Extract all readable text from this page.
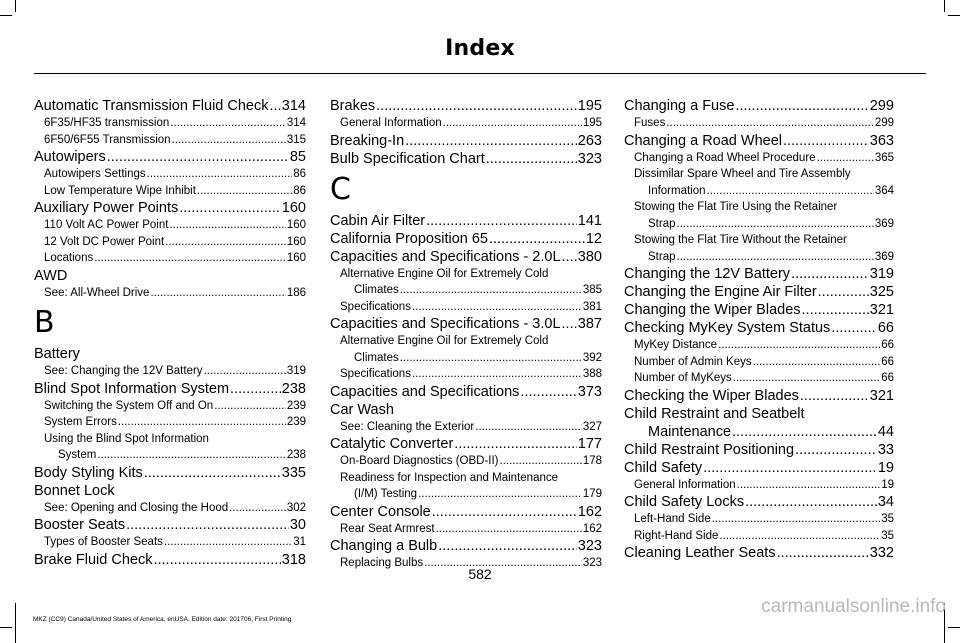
Index
Automatic Transmission Fluid Check ..... 314
6F35/HF35 transmission .....	314
6F50/6F55 Transmission .....	315
Autowipers .....	85
Autowipers Settings .....	86
Low Temperature Wipe Inhibit .....	86
Auxiliary Power Points .....	160
110 Volt AC Power Point .....	160
12 Volt DC Power Point .....	160
Locations .....	160
AWD
See: All-Wheel Drive .....	186
B
Battery
See: Changing the 12V Battery .....	319
Blind Spot Information System .....	238
Switching the System Off and On .....	239
System Errors .....	239
Using the Blind Spot Information
System .....	238
Body Styling Kits .....	335
Bonnet Lock
See: Opening and Closing the Hood .....	302
Booster Seats .....	30
Types of Booster Seats .....	31
Brake Fluid Check .....	318
Brakes .....	195
General Information .....	195
Breaking-In .....	263
Bulb Specification Chart .....	323
C
Cabin Air Filter .....	141
California Proposition 65 .....	12
Capacities and Specifications - 2.0L ..... 380
Alternative Engine Oil for Extremely Cold
Climates .....	385
Specifications .....	381
Capacities and Specifications - 3.0L ..... 387
Alternative Engine Oil for Extremely Cold
Climates .....	392
Specifications .....	388
Capacities and Specifications .....	373
Car Wash
See: Cleaning the Exterior .....	327
Catalytic Converter .....	177
On-Board Diagnostics (OBD-II) .....	178
Readiness for Inspection and Maintenance
(I/M) Testing .....	179
Center Console .....	162
Rear Seat Armrest .....	162
Changing a Bulb .....	323
Replacing Bulbs .....	323
Changing a Fuse .....	299
Fuses .....	299
Changing a Road Wheel .....	363
Changing a Road Wheel Procedure .....	365
Dissimilar Spare Wheel and Tire Assembly
Information .....	364
Stowing the Flat Tire Using the Retainer
Strap .....	369
Stowing the Flat Tire Without the Retainer
Strap .....	369
Changing the 12V Battery .....	319
Changing the Engine Air Filter .....	325
Changing the Wiper Blades .....	321
Checking MyKey System Status .....	66
MyKey Distance .....	66
Number of Admin Keys .....	66
Number of MyKeys .....	66
Checking the Wiper Blades .....	321
Child Restraint and Seatbelt
Maintenance .....	44
Child Restraint Positioning .....	33
Child Safety .....	19
General Information .....	19
Child Safety Locks .....	34
Left-Hand Side .....	35
Right-Hand Side .....	35
Cleaning Leather Seats .....	332
582
MKZ (CC9) Canada/United States of America, enUSA, Edition date: 201706, First Printing
carmanualsonline.info
